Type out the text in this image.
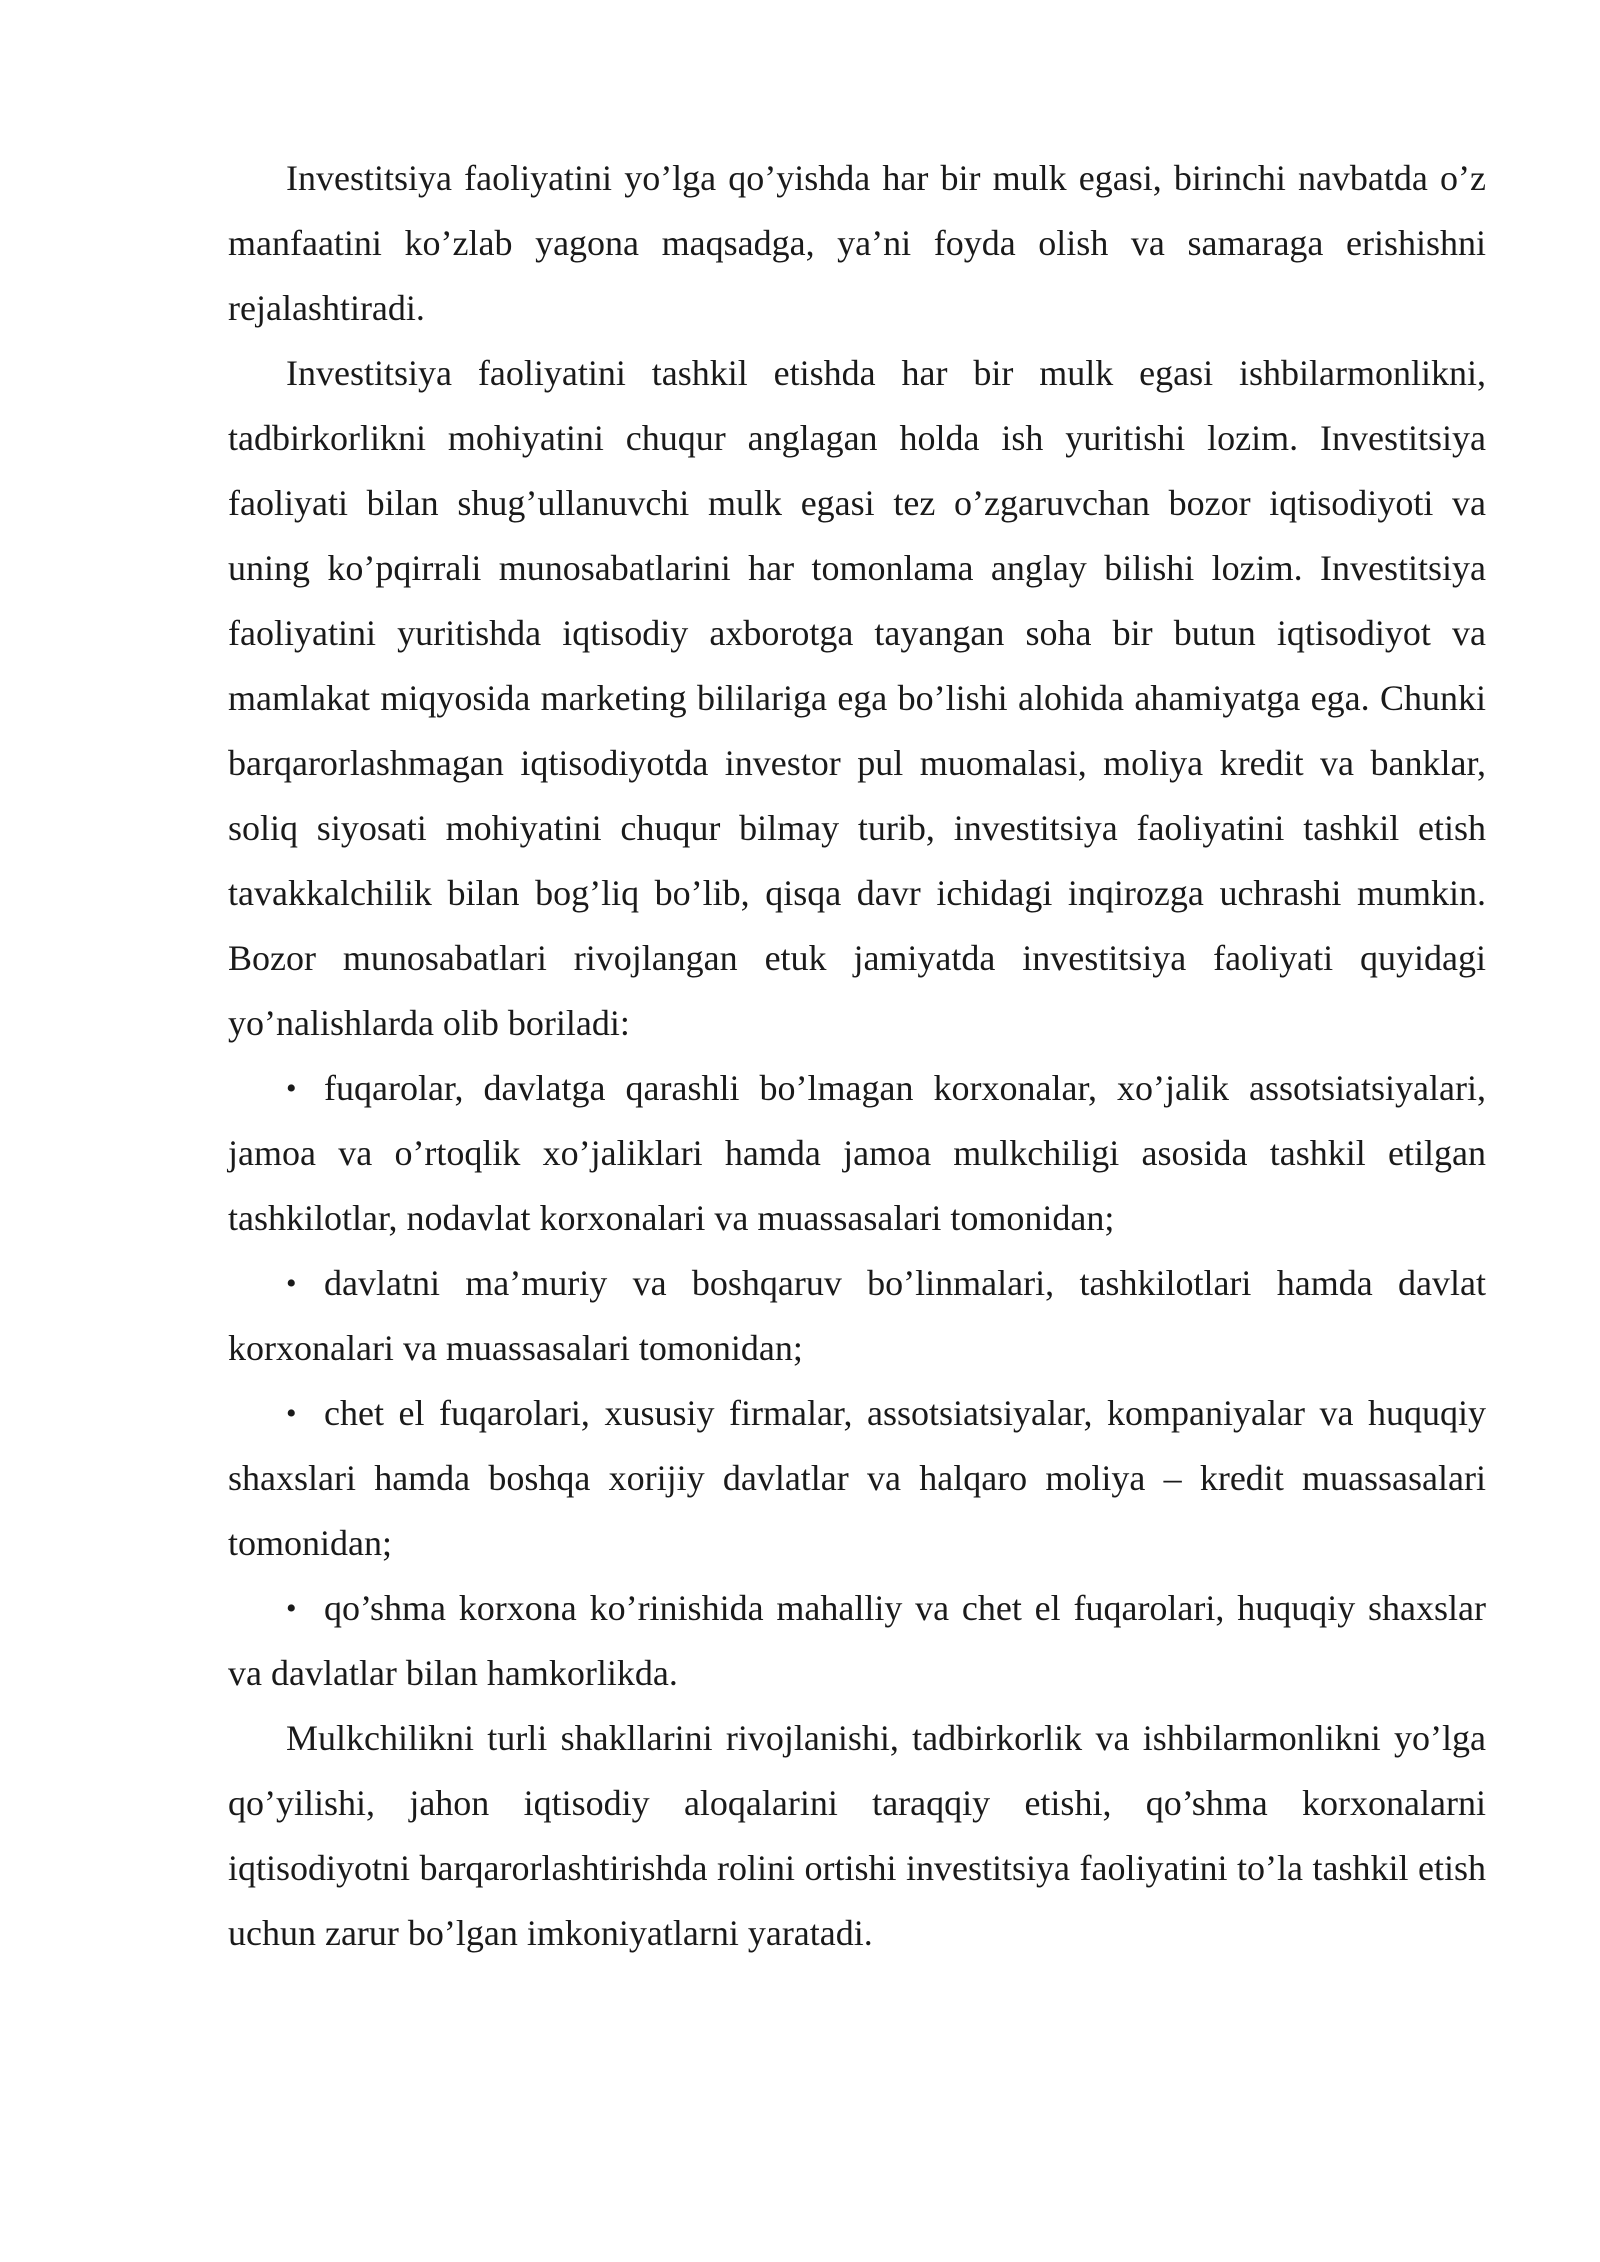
Investitsiya faoliyatini yo’lga qo’yishda har bir mulk egasi, birinchi navbatda o’z manfaatini ko’zlab yagona maqsadga, ya’ni foyda olish va samaraga erishishni rejalashtiradi.

Investitsiya faoliyatini tashkil etishda har bir mulk egasi ishbilarmonlikni, tadbirkorlikni mohiyatini chuqur anglagan holda ish yuritishi lozim. Investitsiya faoliyati bilan shug’ullanuvchi mulk egasi tez o’zgaruvchan bozor iqtisodiyoti va uning ko’pqirrali munosabatlarini har tomonlama anglay bilishi lozim. Investitsiya faoliyatini yuritishda iqtisodiy axborotga tayangan soha bir butun iqtisodiyot va mamlakat miqyosida marketing bililariga ega bo’lishi alohida ahamiyatga ega. Chunki barqarorlashmagan iqtisodiyotda investor pul muomalasi, moliya kredit va banklar, soliq siyosati mohiyatini chuqur bilmay turib, investitsiya faoliyatini tashkil etish tavakkalchilik bilan bog’liq bo’lib, qisqa davr ichidagi inqirozga uchrashi mumkin. Bozor munosabatlari rivojlangan etuk jamiyatda investitsiya faoliyati quyidagi yo’nalishlarda olib boriladi:

• fuqarolar, davlatga qarashli bo’lmagan korxonalar, xo’jalik assotsiatsiyalari, jamoa va o’rtoqlik xo’jaliklari hamda jamoa mulkchiligi asosida tashkil etilgan tashkilotlar, nodavlat korxonalari va muassasalari tomonidan;

• davlatni ma’muriy va boshqaruv bo’linmalari, tashkilotlari hamda davlat korxonalari va muassasalari tomonidan;

• chet el fuqarolari, xususiy firmalar, assotsiatsiyalar, kompaniyalar va huquqiy shaxslari hamda boshqa xorijiy davlatlar va halqaro moliya – kredit muassasalari tomonidan;

• qo’shma korxona ko’rinishida mahalliy va chet el fuqarolari, huquqiy shaxslar va davlatlar bilan hamkorlikda.

Mulkchilikni turli shakllarini rivojlanishi, tadbirkorlik va ishbilarmonlikni yo’lga qo’yilishi, jahon iqtisodiy aloqalarini taraqqiy etishi, qo’shma korxonalarni iqtisodiyotni barqarorlashtirishda rolini ortishi investitsiya faoliyatini to’la tashkil etish uchun zarur bo’lgan imkoniyatlarni yaratadi.
